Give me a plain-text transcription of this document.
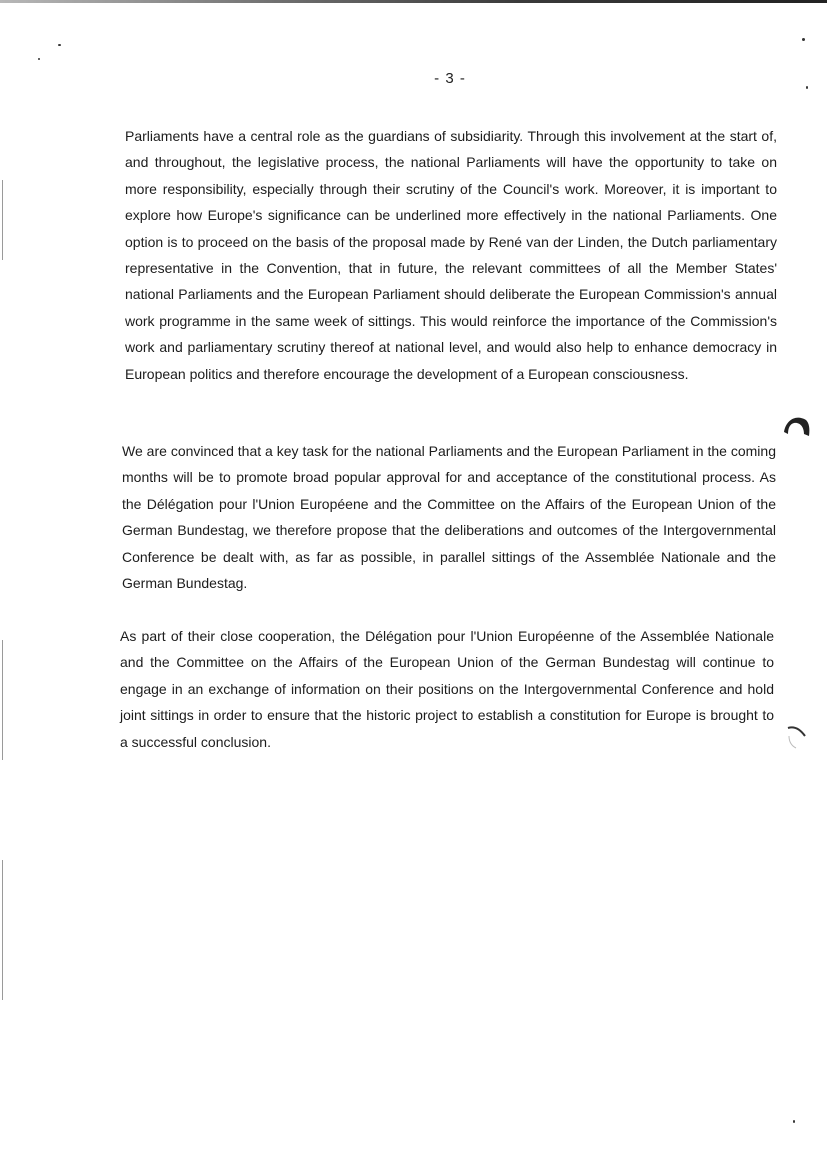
- 3 -

Parliaments have a central role as the guardians of subsidiarity. Through this involvement at the start of, and throughout, the legislative process, the national Parliaments will have the opportunity to take on more responsibility, especially through their scrutiny of the Council's work. Moreover, it is important to explore how Europe's significance can be underlined more effectively in the national Parliaments. One option is to proceed on the basis of the proposal made by René van der Linden, the Dutch parliamentary representative in the Convention, that in future, the relevant committees of all the Member States' national Parliaments and the European Parliament should deliberate the European Commission's annual work programme in the same week of sittings. This would reinforce the importance of the Commission's work and parliamentary scrutiny thereof at national level, and would also help to enhance democracy in European politics and therefore encourage the development of a European consciousness.

We are convinced that a key task for the national Parliaments and the European Parliament in the coming months will be to promote broad popular approval for and acceptance of the constitutional process. As the Délégation pour l'Union Européene and the Committee on the Affairs of the European Union of the German Bundestag, we therefore propose that the deliberations and outcomes of the Intergovernmental Conference be dealt with, as far as possible, in parallel sittings of the Assemblée Nationale and the German Bundestag.

As part of their close cooperation, the Délégation pour l'Union Européenne of the Assemblée Nationale and the Committee on the Affairs of the European Union of the German Bundestag will continue to engage in an exchange of information on their positions on the Intergovernmental Conference and hold joint sittings in order to ensure that the historic project to establish a constitution for Europe is brought to a successful conclusion.
